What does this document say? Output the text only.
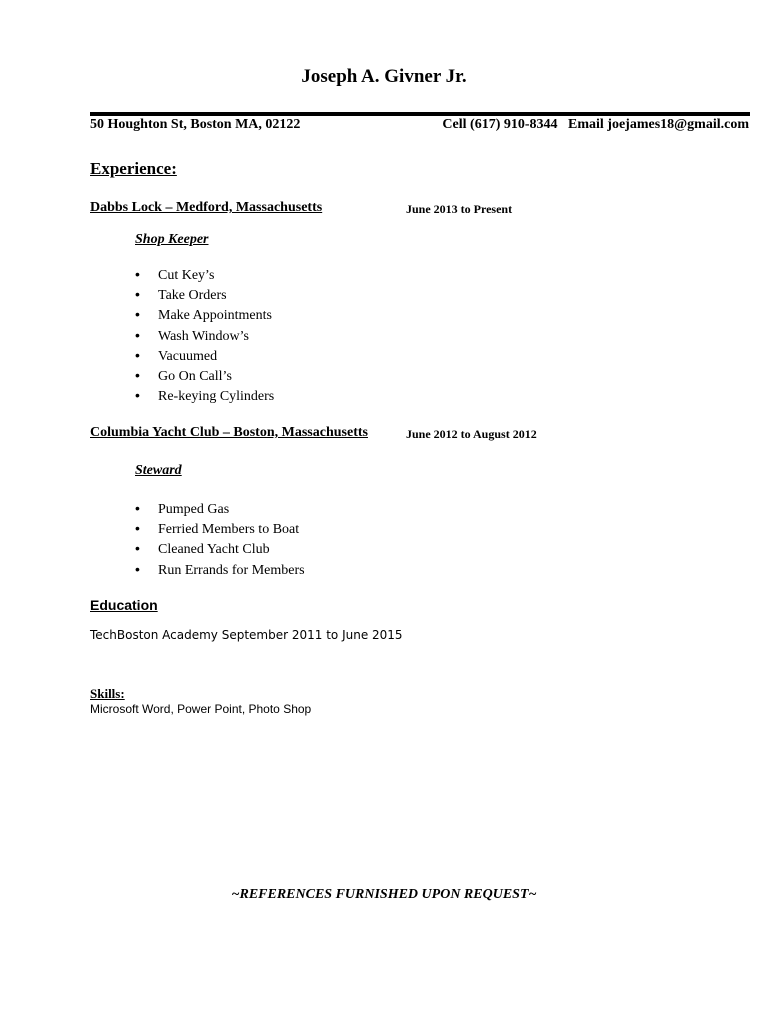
Joseph A. Givner Jr.
50 Houghton St, Boston MA, 02122	Cell (617) 910-8344   Email joejames18@gmail.com
Experience:
Dabbs Lock – Medford, Massachusetts	June 2013 to Present
Shop Keeper
• Cut Key’s
• Take Orders
• Make Appointments
• Wash Window’s
• Vacuumed
• Go On Call’s
• Re-keying Cylinders
Columbia Yacht Club – Boston, Massachusetts	June 2012 to August 2012
Steward
• Pumped Gas
• Ferried Members to Boat
• Cleaned Yacht Club
• Run Errands for Members
Education
TechBoston Academy September 2011 to June 2015
Skills:
Microsoft Word, Power Point, Photo Shop
~REFERENCES FURNISHED UPON REQUEST~
